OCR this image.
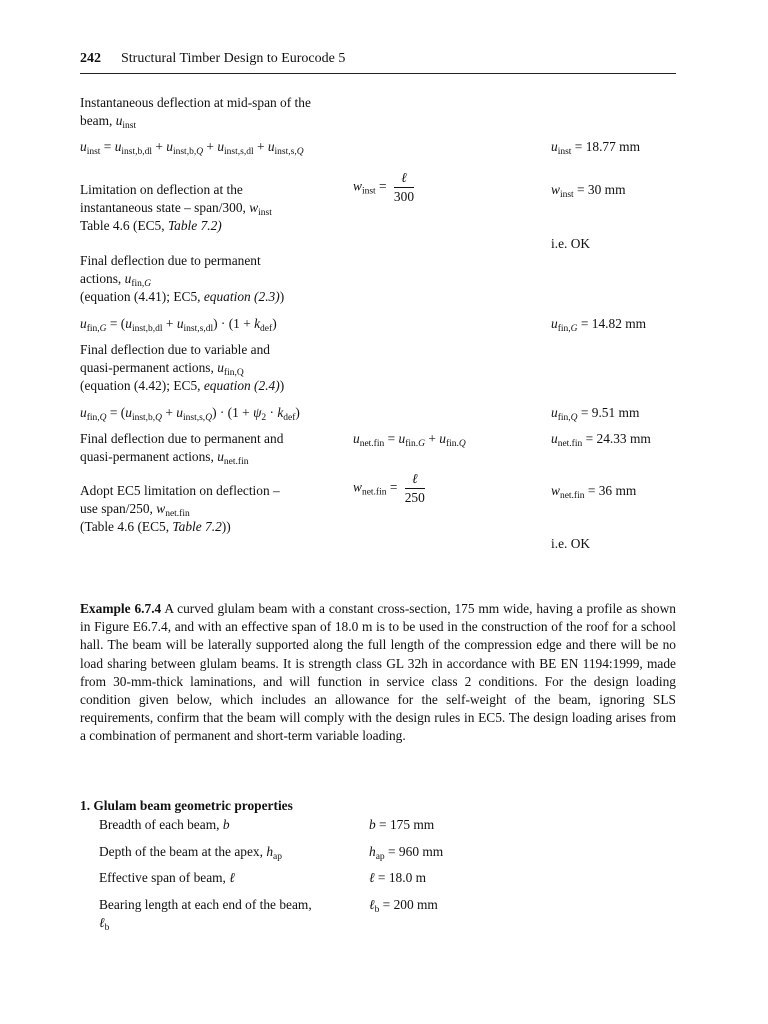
242 Structural Timber Design to Eurocode 5
Instantaneous deflection at mid-span of the
beam, $u_{inst}$
$u_{inst} = u_{inst,b,dl} + u_{inst,b,Q} + u_{inst,s,dl} + u_{inst,s,Q}$	$u_{inst} = 18.77$ mm
Limitation on deflection at the
instantaneous state – span/300, $w_{inst}$
Table 4.6 (EC5, Table 7.2)
$w_{inst} = \frac{\text{ℓ}}{300}$	$w_{inst} = 30$ mm
i.e. OK
Final deflection due to permanent
actions, $u_{fin,G}$
(equation (4.41); EC5, equation (2.3))
$u_{fin,G} = (u_{inst,b,dl} + u_{inst,s,dl}) \cdot (1 + k_{def})$	$u_{fin,G} = 14.82$ mm
Final deflection due to variable and
quasi-permanent actions, $u_{fin,Q}$
(equation (4.42); EC5, equation (2.4))
$u_{fin,Q} = (u_{inst,b,Q} + u_{inst,s,Q}) \cdot (1 + \psi_2 \cdot k_{def})$	$u_{fin,Q} = 9.51$ mm
Final deflection due to permanent and
quasi-permanent actions, $u_{net.fin}$
$u_{net.fin} = u_{fin.G} + u_{fin.Q}$	$u_{net.fin} = 24.33$ mm
Adopt EC5 limitation on deflection –
use span/250, $w_{net.fin}$
(Table 4.6 (EC5, Table 7.2))
$w_{net.fin} = \frac{\text{ℓ}}{250}$	$w_{net.fin} = 36$ mm
i.e. OK
Example 6.7.4 A curved glulam beam with a constant cross-section, 175 mm wide, having a profile as shown in Figure E6.7.4, and with an effective span of 18.0 m is to be used in the construction of the roof for a school hall. The beam will be laterally supported along the full length of the compression edge and there will be no load sharing between glulam beams. It is strength class GL 32h in accordance with BE EN 1194:1999, made from 30-mm-thick laminations, and will function in service class 2 conditions. For the design loading condition given below, which includes an allowance for the self-weight of the beam, ignoring SLS requirements, confirm that the beam will comply with the design rules in EC5. The design loading arises from a combination of permanent and short-term variable loading.
1. Glulam beam geometric properties
Breadth of each beam, b	b = 175 mm
Depth of the beam at the apex, $h_{ap}$	$h_{ap} = 960$ mm
Effective span of beam, ℓ	ℓ = 18.0 m
Bearing length at each end of the beam,
ℓ$_b$
ℓ$_b$ = 200 mm
